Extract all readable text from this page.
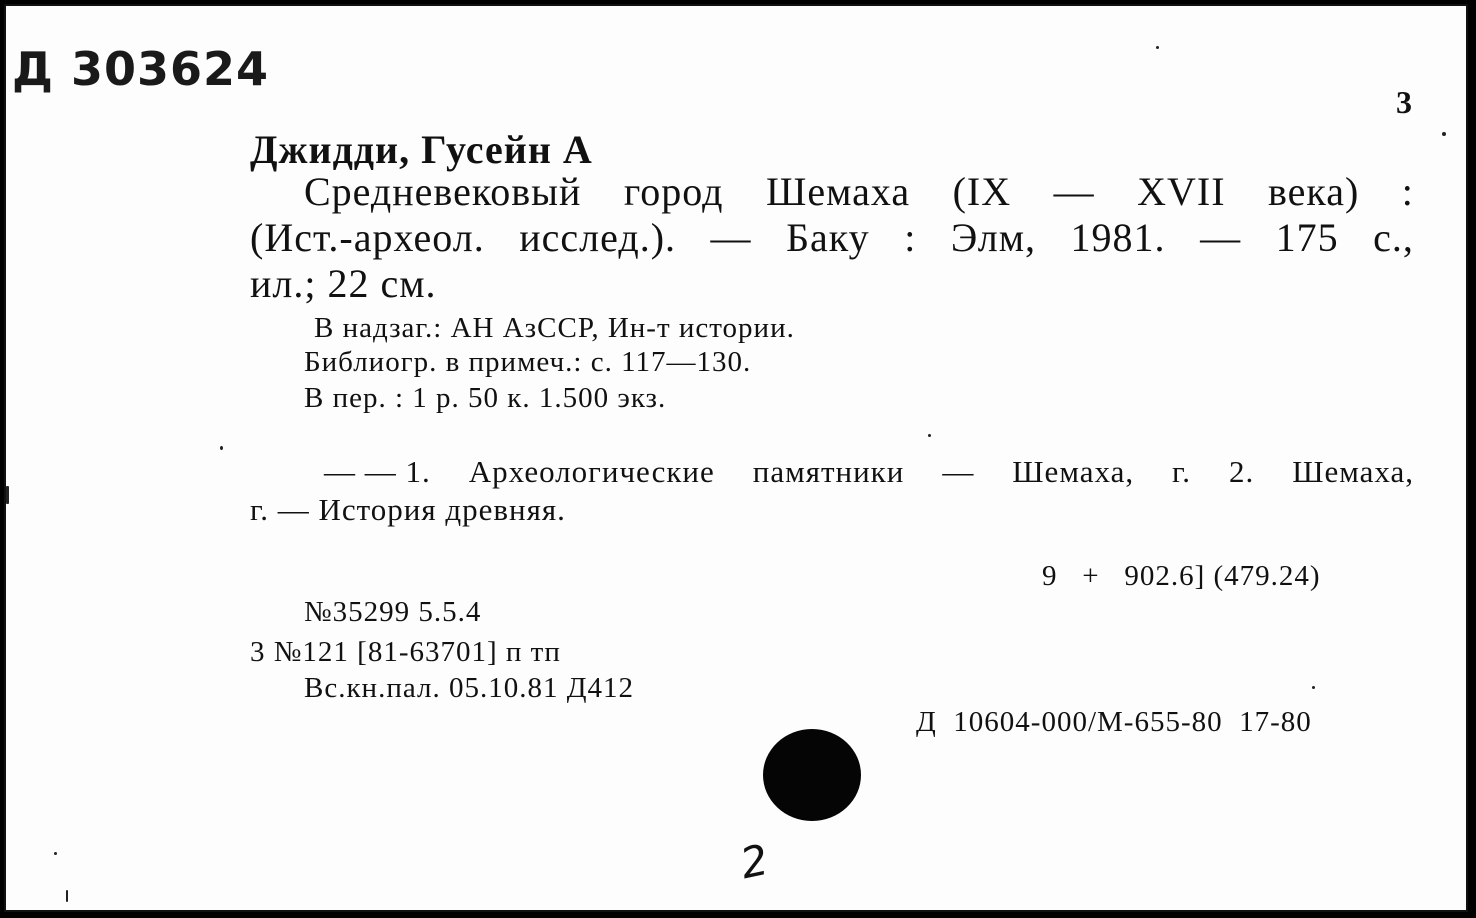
Д 303624
3
Джидди, Гусейн А
Средневековый город Шемаха (IX — XVII века) :
(Ист.-археол. исслед.). — Баку : Элм, 1981. — 175 с.,
ил.; 22 см.
В надзаг.: АН АзССР, Ин-т истории.
Библиогр. в примеч.: с. 117—130.
В пер. : 1 р. 50 к. 1.500 экз.
— — 1. Археологические памятники — Шемаха, г. 2. Шемаха,
г. — История древняя.
9   +   902.6] (479.24)
№35299 5.5.4
3 №121 [81-63701] п тп
Вс.кн.пал. 05.10.81 Д412
Д  10604-000/М-655-80  17-80
2
